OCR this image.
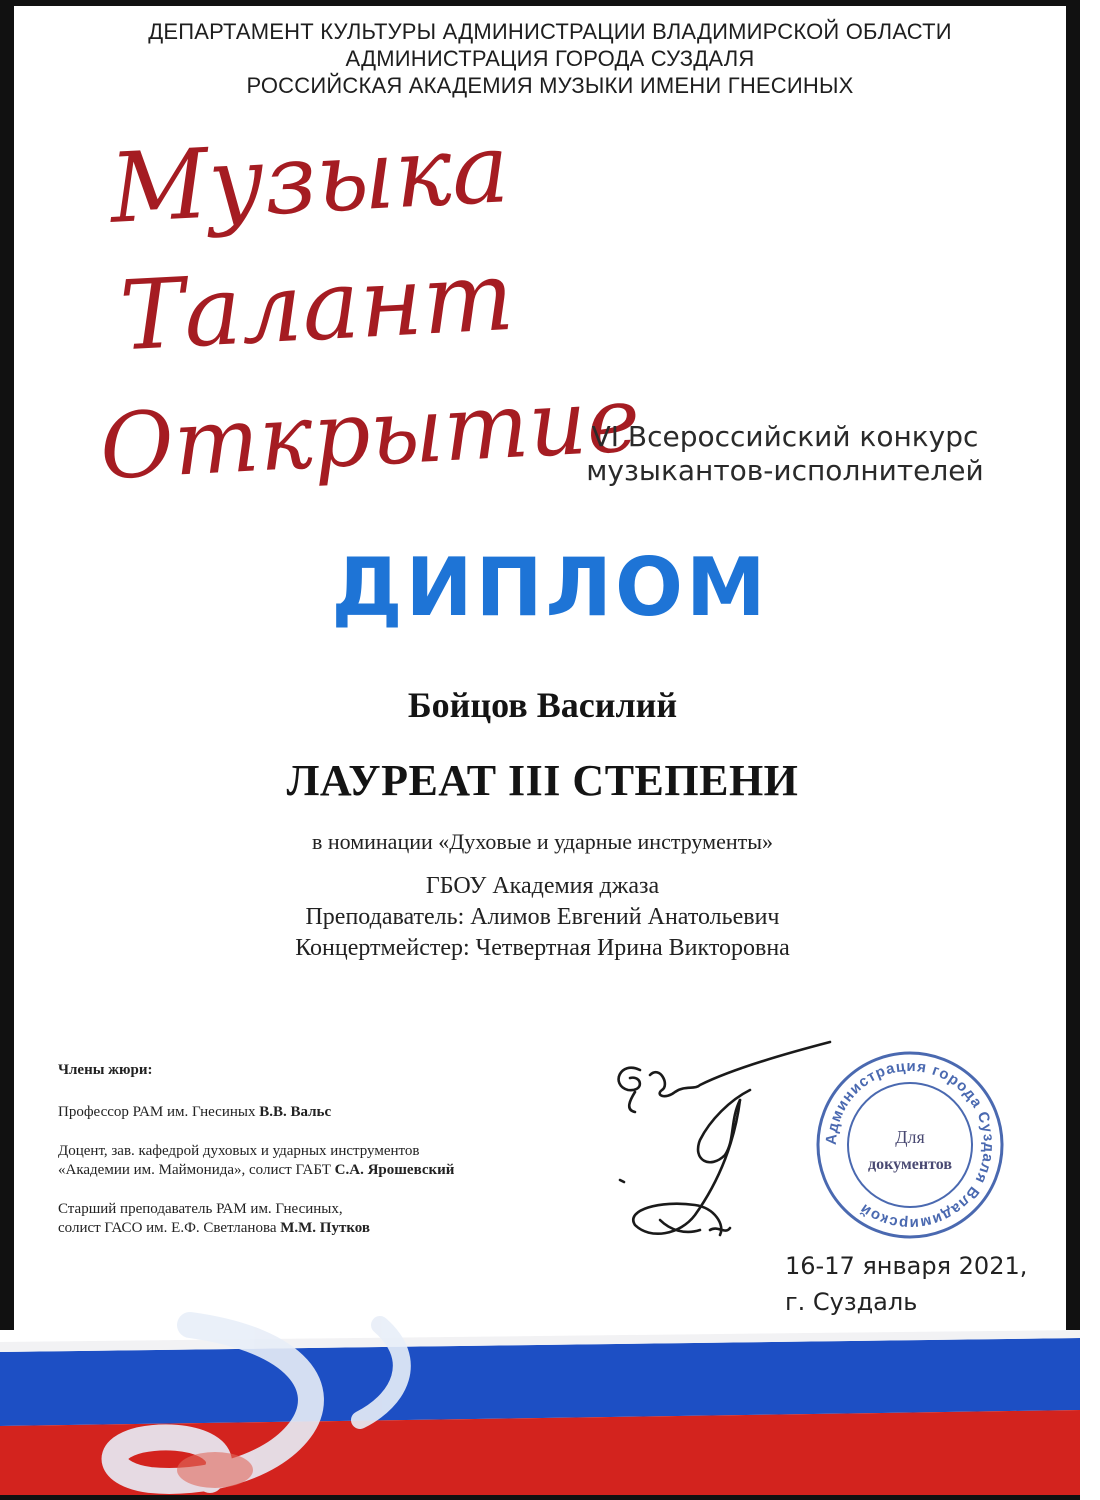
ДЕПАРТАМЕНТ КУЛЬТУРЫ АДМИНИСТРАЦИИ ВЛАДИМИРСКОЙ ОБЛАСТИ
АДМИНИСТРАЦИЯ ГОРОДА СУЗДАЛЯ
РОССИЙСКАЯ АКАДЕМИЯ МУЗЫКИ ИМЕНИ ГНЕСИНЫХ
Музыка
Талант
Открытие
VI Всероссийский конкурс
музыкантов-исполнителей
ДИПЛОМ
Бойцов Василий
ЛАУРЕАТ III СТЕПЕНИ
в номинации «Духовые и ударные инструменты»
ГБОУ Академия джаза
Преподаватель: Алимов Евгений Анатольевич
Концертмейстер: Четвертная Ирина Викторовна
Члены жюри:
Профессор РАМ им. Гнесиных В.В. Вальс
Доцент, зав. кафедрой духовых и ударных инструментов
«Академии им. Маймонида», солист ГАБТ С.А. Ярошевский
Старший преподаватель РАМ им. Гнесиных,
солист ГАСО им. Е.Ф. Светланова М.М. Путков
Администрация города Суздаля Владимирской
Для
документов
16-17 января 2021,
г. Суздаль
